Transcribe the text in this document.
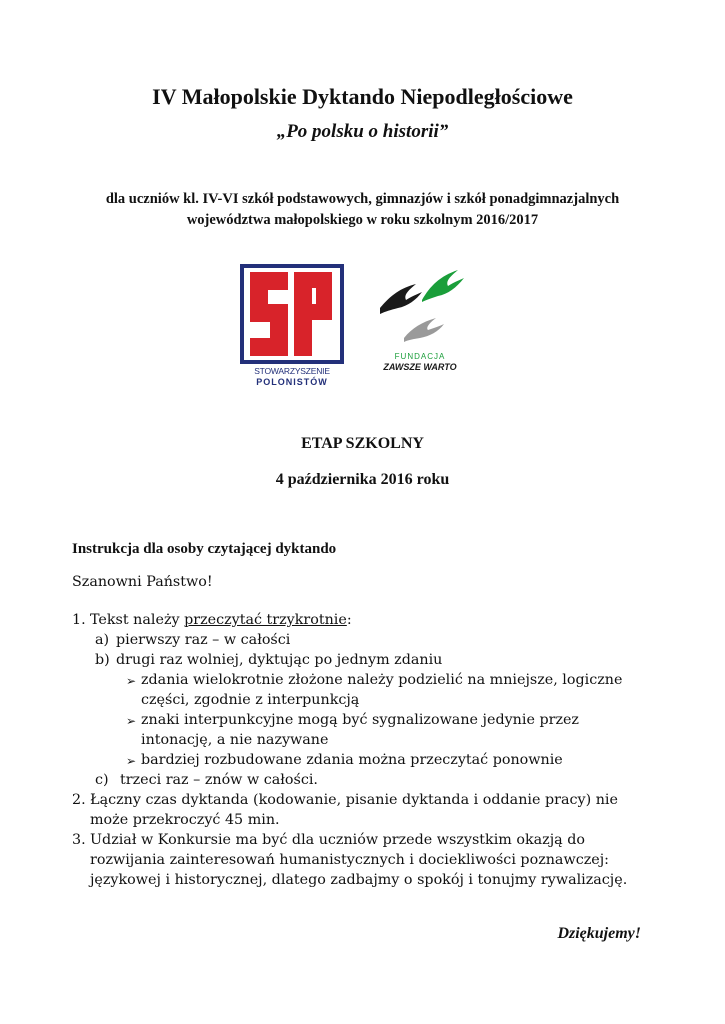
IV Małopolskie Dyktando Niepodległościowe
„Po polsku o historii”
dla uczniów kl. IV-VI szkół podstawowych, gimnazjów i szkół ponadgimnazjalnych
województwa małopolskiego w roku szkolnym 2016/2017
STOWARZYSZENIE
POLONISTÓW
FUNDACJA
ZAWSZE WARTO
ETAP SZKOLNY
4 października 2016 roku
Instrukcja dla osoby czytającej dyktando
Szanowni Państwo!
1. Tekst należy przeczytać trzykrotnie:
a) pierwszy raz – w całości
b) drugi raz wolniej, dyktując po jednym zdaniu
➢ zdania wielokrotnie złożone należy podzielić na mniejsze, logiczne
części, zgodnie z interpunkcją
➢ znaki interpunkcyjne mogą być sygnalizowane jedynie przez
intonację, a nie nazywane
➢ bardziej rozbudowane zdania można przeczytać ponownie
c) trzeci raz – znów w całości.
2. Łączny czas dyktanda (kodowanie, pisanie dyktanda i oddanie pracy) nie
może przekroczyć 45 min.
3. Udział w Konkursie ma być dla uczniów przede wszystkim okazją do
rozwijania zainteresowań humanistycznych i dociekliwości poznawczej:
językowej i historycznej, dlatego zadbajmy o spokój i tonujmy rywalizację.
Dziękujemy!
